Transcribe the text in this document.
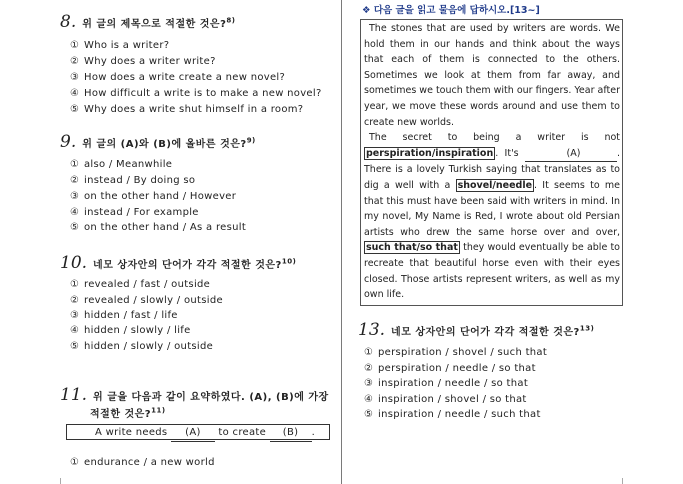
8. 위 글의 제목으로 적절한 것은?$^{8)}$
① Who is a writer?
② Why does a writer write?
③ How does a write create a new novel?
④ How difficult a write is to make a new novel?
⑤ Why does a write shut himself in a room?
9. 위 글의 (A)와 (B)에 올바른 것은?$^{9)}$
① also / Meanwhile
② instead / By doing so
③ on the other hand / However
④ instead / For example
⑤ on the other hand / As a result
10. 네모 상자안의 단어가 각각 적절한 것은?$^{10)}$
① revealed / fast / outside
② revealed / slowly / outside
③ hidden / fast / life
④ hidden / slowly / life
⑤ hidden / slowly / outside
11. 위 글을 다음과 같이 요약하였다. (A), (B)에 가장
적절한 것은?$^{11)}$
A write needs (A) to create (B) .
① endurance / a new world
❖ 다음 글을 읽고 물음에 답하시오.[13~]

The stones that are used by writers are words. We hold them in our hands and think about the ways that each of them is connected to the others. Sometimes we look at them from far away, and sometimes we touch them with our fingers. Year after year, we move these words around and use them to create new worlds.

The secret to being a writer is not perspiration/inspiration . It's	(A)	. There is a lovely Turkish saying that translates as to dig a well with a shovel/needle . It seems to me that this must have been said with writers in mind. In my novel, My Name is Red, I wrote about old Persian artists who drew the same horse over and over, such that/so that they would eventually be able to recreate that beautiful horse even with their eyes closed. Those artists represent writers, as well as my own life.

13. 네모 상자안의 단어가 각각 적절한 것은?$^{13)}$
① perspiration / shovel / such that
② perspiration / needle / so that
③ inspiration / needle / so that
④ inspiration / shovel / so that
⑤ inspiration / needle / such that
